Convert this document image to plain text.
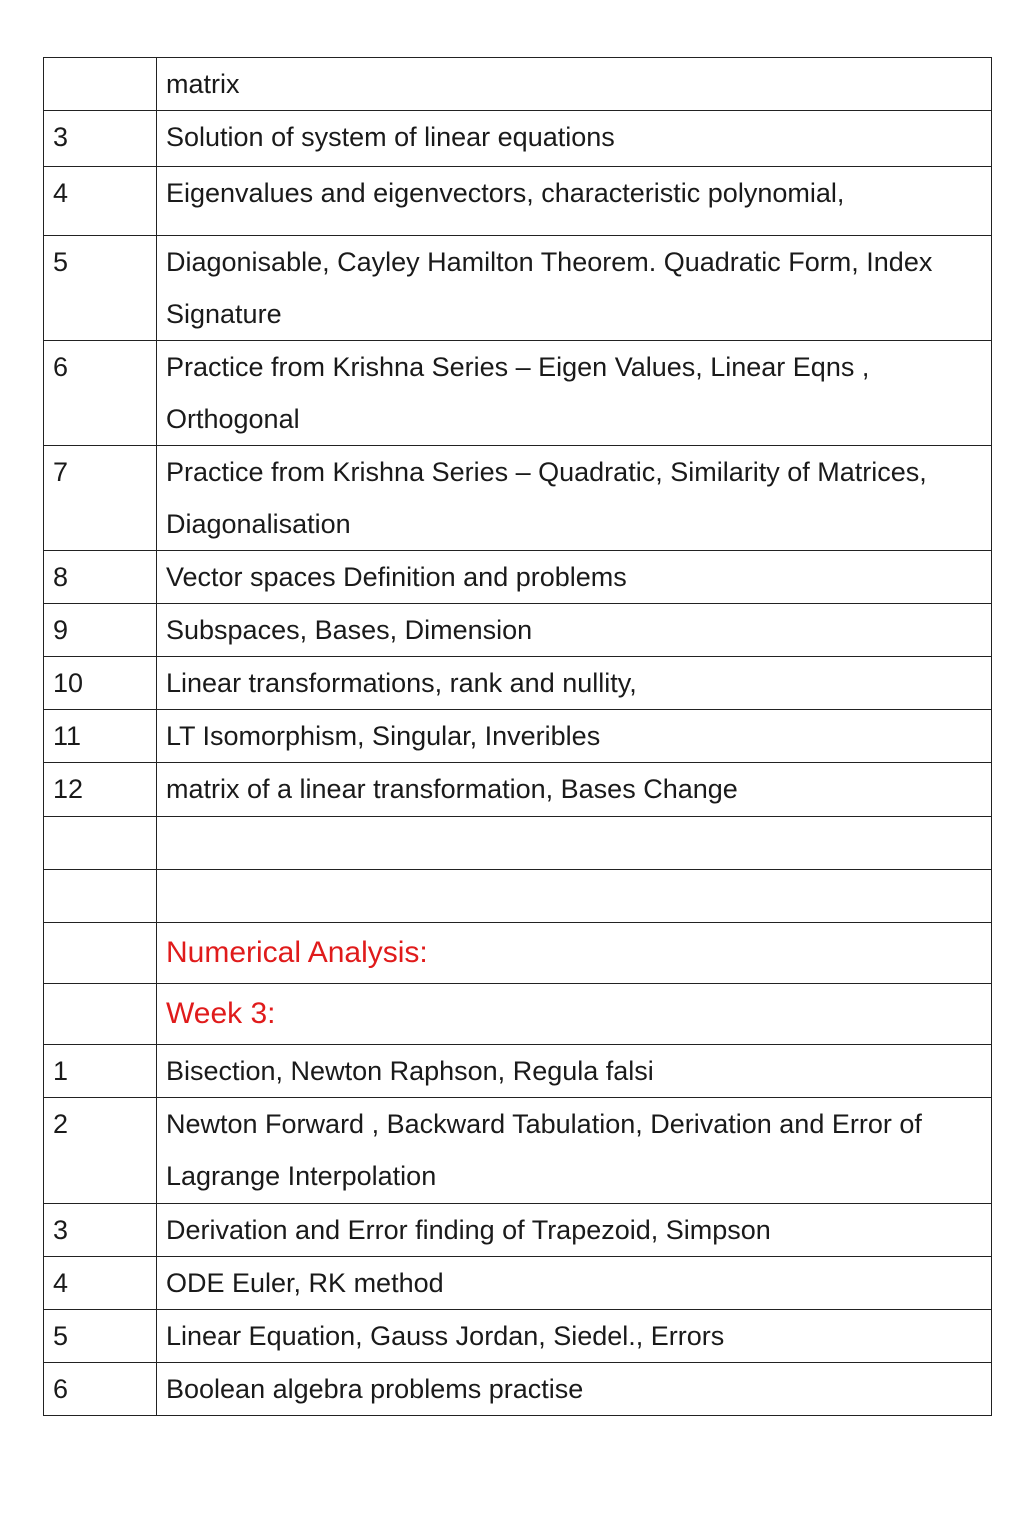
	matrix

3	Solution of system of linear equations

4	Eigenvalues and eigenvectors, characteristic polynomial,

5	Diagonisable, Cayley Hamilton Theorem. Quadratic Form, Index Signature

6	Practice from Krishna Series – Eigen Values, Linear Eqns , Orthogonal

7	Practice from Krishna Series – Quadratic, Similarity of Matrices, Diagonalisation

8	Vector spaces Definition and problems

9	Subspaces, Bases, Dimension

10	Linear transformations, rank and nullity,

11	LT Isomorphism, Singular, Inveribles

12	matrix of a linear transformation, Bases Change

	Numerical Analysis:

	Week 3:

1	Bisection, Newton Raphson, Regula falsi

2	Newton Forward , Backward Tabulation, Derivation and Error of Lagrange Interpolation

3	Derivation and Error finding of Trapezoid, Simpson

4	ODE Euler, RK method

5	Linear Equation, Gauss Jordan, Siedel., Errors

6	Boolean algebra problems practise
